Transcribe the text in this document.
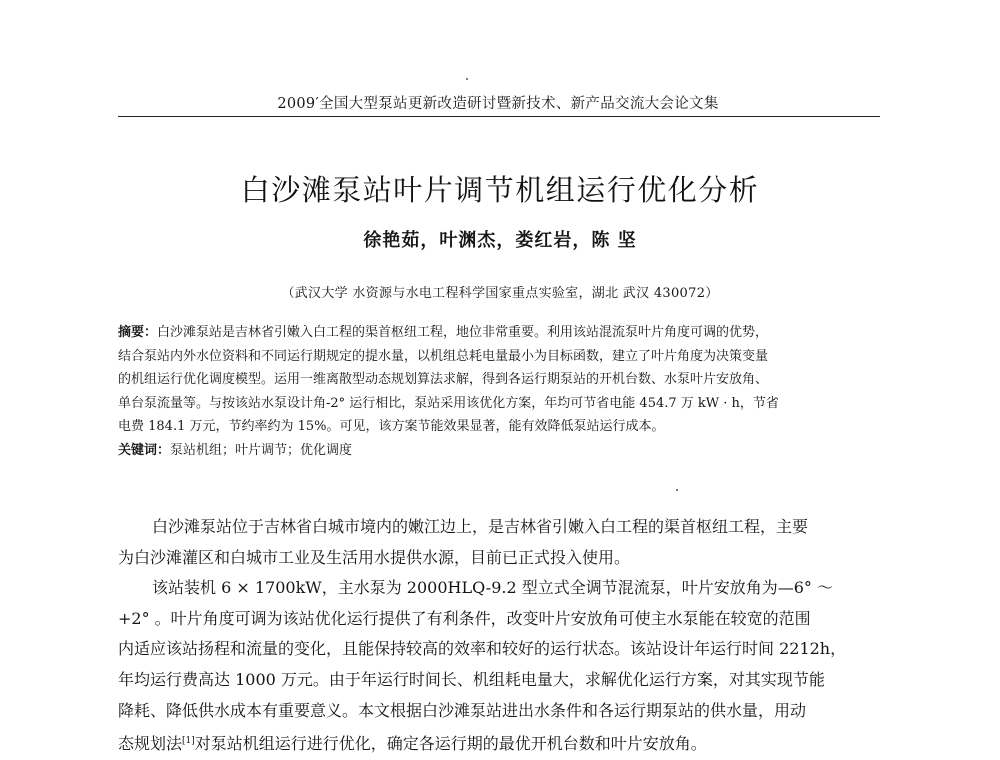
2009′全国大型泵站更新改造研讨暨新技术、新产品交流大会论文集
白沙滩泵站叶片调节机组运行优化分析
徐艳茹，叶渊杰，娄红岩，陈 坚
（武汉大学 水资源与水电工程科学国家重点实验室，湖北 武汉 430072）
摘要：白沙滩泵站是吉林省引嫩入白工程的渠首枢纽工程，地位非常重要。利用该站混流泵叶片角度可调的优势，
结合泵站内外水位资料和不同运行期规定的提水量，以机组总耗电量最小为目标函数，建立了叶片角度为决策变量
的机组运行优化调度模型。运用一维离散型动态规划算法求解，得到各运行期泵站的开机台数、水泵叶片安放角、
单台泵流量等。与按该站水泵设计角-2° 运行相比，泵站采用该优化方案，年均可节省电能 454.7 万 kW · h，节省
电费 184.1 万元，节约率约为 15%。可见，该方案节能效果显著，能有效降低泵站运行成本。
关键词：泵站机组；叶片调节；优化调度
白沙滩泵站位于吉林省白城市境内的嫩江边上，是吉林省引嫩入白工程的渠首枢纽工程，主要
为白沙滩灌区和白城市工业及生活用水提供水源，目前已正式投入使用。
该站装机 6 × 1700kW，主水泵为 2000HLQ-9.2 型立式全调节混流泵，叶片安放角为—6° ～
+2° 。叶片角度可调为该站优化运行提供了有利条件，改变叶片安放角可使主水泵能在较宽的范围
内适应该站扬程和流量的变化，且能保持较高的效率和较好的运行状态。该站设计年运行时间 2212h，
年均运行费高达 1000 万元。由于年运行时间长、机组耗电量大，求解优化运行方案，对其实现节能
降耗、降低供水成本有重要意义。本文根据白沙滩泵站进出水条件和各运行期泵站的供水量，用动
态规划法[1]对泵站机组运行进行优化，确定各运行期的最优开机台数和叶片安放角。
